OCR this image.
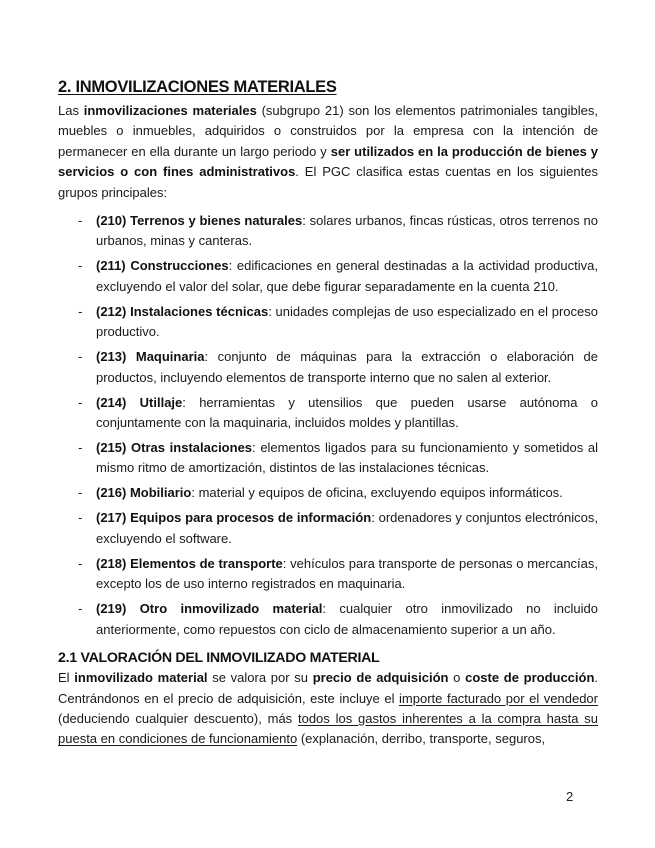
2. INMOVILIZACIONES MATERIALES

Las inmovilizaciones materiales (subgrupo 21) son los elementos patrimoniales tangibles, muebles o inmuebles, adquiridos o construidos por la empresa con la intención de permanecer en ella durante un largo periodo y ser utilizados en la producción de bienes y servicios o con fines administrativos. El PGC clasifica estas cuentas en los siguientes grupos principales:

- (210) Terrenos y bienes naturales: solares urbanos, fincas rústicas, otros terrenos no urbanos, minas y canteras.
- (211) Construcciones: edificaciones en general destinadas a la actividad productiva, excluyendo el valor del solar, que debe figurar separadamente en la cuenta 210.
- (212) Instalaciones técnicas: unidades complejas de uso especializado en el proceso productivo.
- (213) Maquinaria: conjunto de máquinas para la extracción o elaboración de productos, incluyendo elementos de transporte interno que no salen al exterior.
- (214) Utillaje: herramientas y utensilios que pueden usarse autónoma o conjuntamente con la maquinaria, incluidos moldes y plantillas.
- (215) Otras instalaciones: elementos ligados para su funcionamiento y sometidos al mismo ritmo de amortización, distintos de las instalaciones técnicas.
- (216) Mobiliario: material y equipos de oficina, excluyendo equipos informáticos.
- (217) Equipos para procesos de información: ordenadores y conjuntos electrónicos, excluyendo el software.
- (218) Elementos de transporte: vehículos para transporte de personas o mercancías, excepto los de uso interno registrados en maquinaria.
- (219) Otro inmovilizado material: cualquier otro inmovilizado no incluido anteriormente, como repuestos con ciclo de almacenamiento superior a un año.
2.1 VALORACIÓN DEL INMOVILIZADO MATERIAL

El inmovilizado material se valora por su precio de adquisición o coste de producción. Centrándonos en el precio de adquisición, este incluye el importe facturado por el vendedor (deduciendo cualquier descuento), más todos los gastos inherentes a la compra hasta su puesta en condiciones de funcionamiento (explanación, derribo, transporte, seguros,

2
